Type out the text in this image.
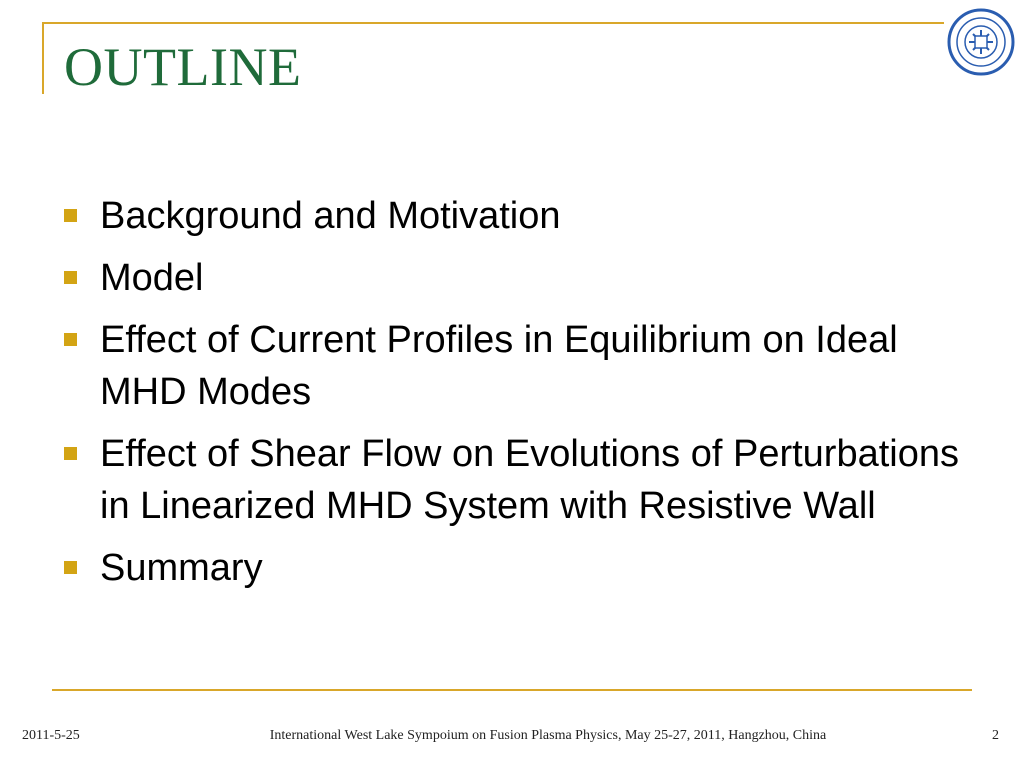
OUTLINE
Background and Motivation
Model
Effect of Current Profiles in Equilibrium on Ideal MHD Modes
Effect of Shear Flow on Evolutions of Perturbations in Linearized MHD System with Resistive Wall
Summary
2011-5-25	International West Lake Sympoium on Fusion Plasma Physics, May 25-27, 2011, Hangzhou, China	2
